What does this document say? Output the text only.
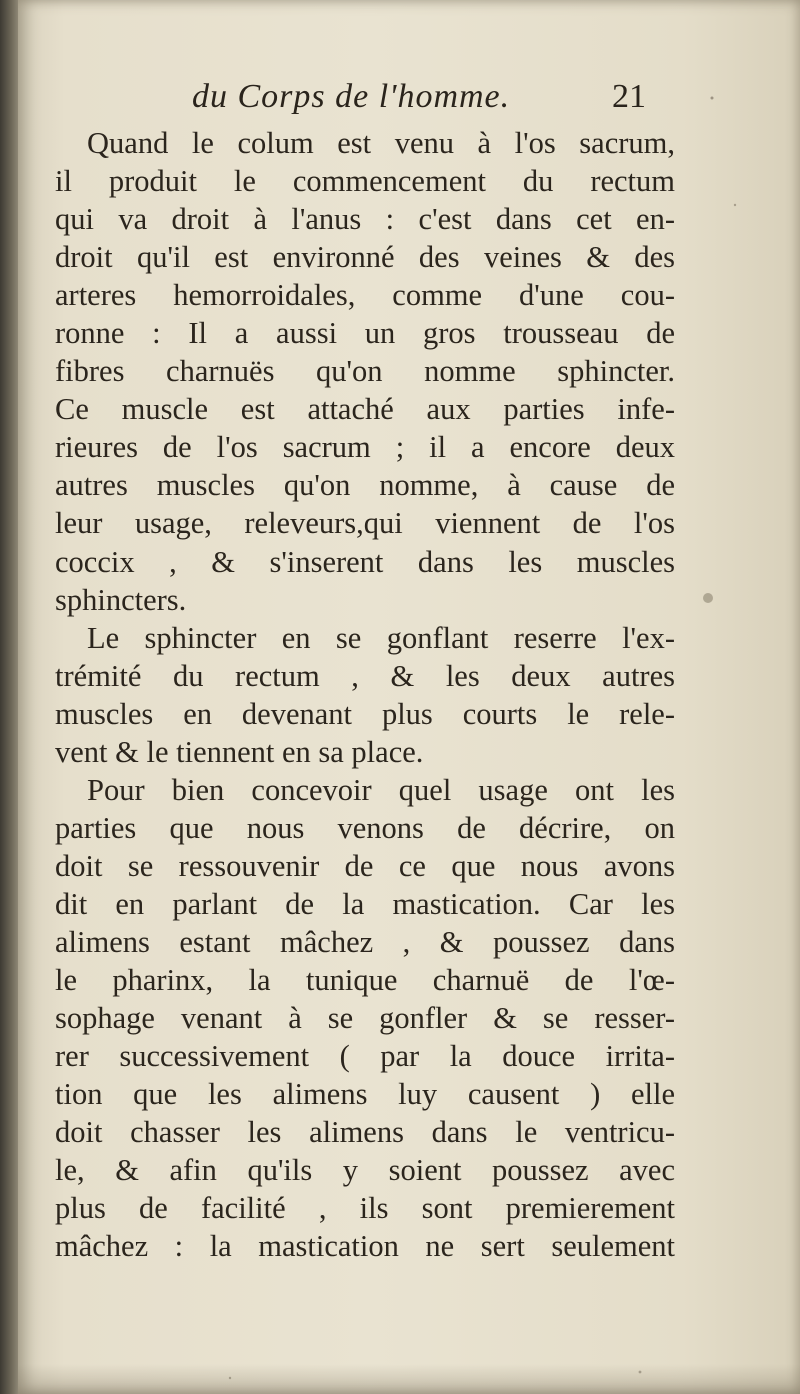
du Corps de l'homme.	21
Quand le colum est venu à l'os sacrum,
il produit le commencement du rectum
qui va droit à l'anus : c'est dans cet en-
droit qu'il est environné des veines & des
arteres hemorroidales, comme d'une cou-
ronne : Il a aussi un gros trousseau de
fibres charnuës qu'on nomme sphincter.
Ce muscle est attaché aux parties infe-
rieures de l'os sacrum ; il a encore deux
autres muscles qu'on nomme, à cause de
leur usage, releveurs,qui viennent de l'os
coccix , & s'inserent dans les muscles
sphincters.
Le sphincter en se gonflant reserre l'ex-
trémité du rectum , & les deux autres
muscles en devenant plus courts le rele-
vent & le tiennent en sa place.
Pour bien concevoir quel usage ont les
parties que nous venons de décrire, on
doit se ressouvenir de ce que nous avons
dit en parlant de la mastication. Car les
alimens estant mâchez , & poussez dans
le pharinx, la tunique charnuë de l'œ-
sophage venant à se gonfler & se resser-
rer successivement ( par la douce irrita-
tion que les alimens luy causent ) elle
doit chasser les alimens dans le ventricu-
le, & afin qu'ils y soient poussez avec
plus de facilité , ils sont premierement
mâchez : la mastication ne sert seulement
